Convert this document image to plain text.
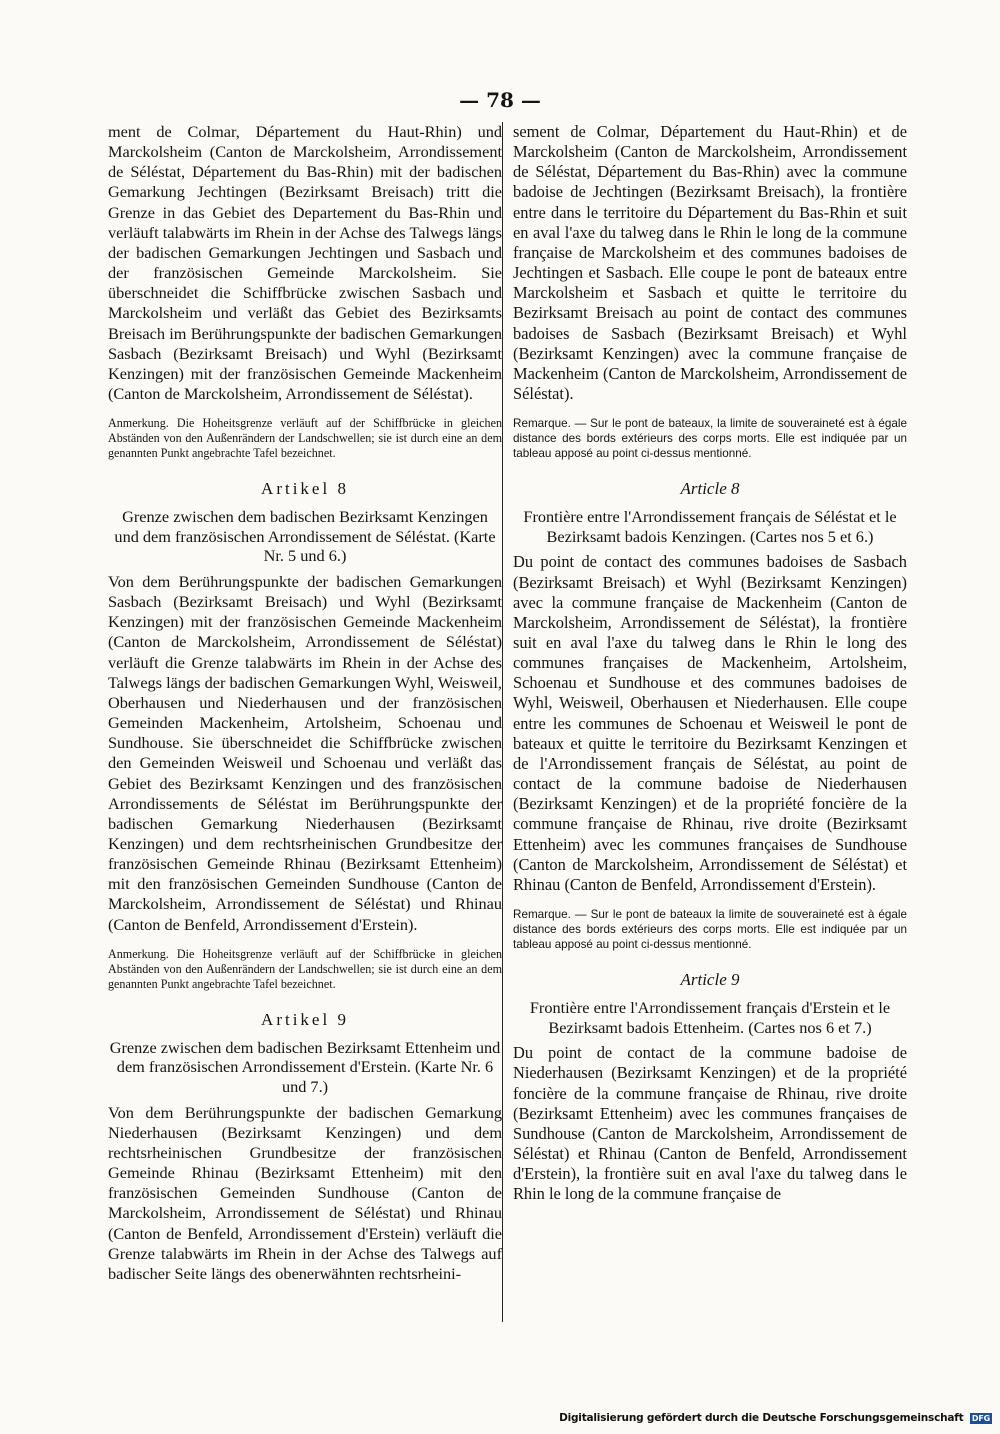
— 78 —

ment de Colmar, Département du Haut-Rhin) und Marckolsheim (Canton de Marckolsheim, Arrondissement de Séléstat, Département du Bas-Rhin) mit der badischen Gemarkung Jechtingen (Bezirksamt Breisach) tritt die Grenze in das Gebiet des Departement du Bas-Rhin und verläuft talabwärts im Rhein in der Achse des Talwegs längs der badischen Gemarkungen Jechtingen und Sasbach und der französischen Gemeinde Marckolsheim. Sie überschneidet die Schiffbrücke zwischen Sasbach und Marckolsheim und verläßt das Gebiet des Bezirksamts Breisach im Berührungspunkte der badischen Gemarkungen Sasbach (Bezirksamt Breisach) und Wyhl (Bezirksamt Kenzingen) mit der französischen Gemeinde Mackenheim (Canton de Marckolsheim, Arrondissement de Séléstat).

Anmerkung. Die Hoheitsgrenze verläuft auf der Schiffbrücke in gleichen Abständen von den Außenrändern der Landschwellen; sie ist durch eine an dem genannten Punkt angebrachte Tafel bezeichnet.

Artikel 8

Grenze zwischen dem badischen Bezirksamt Kenzingen und dem französischen Arrondissement de Séléstat. (Karte Nr. 5 und 6.)

Von dem Berührungspunkte der badischen Gemarkungen Sasbach (Bezirksamt Breisach) und Wyhl (Bezirksamt Kenzingen) mit der französischen Gemeinde Mackenheim (Canton de Marckolsheim, Arrondissement de Séléstat) verläuft die Grenze talabwärts im Rhein in der Achse des Talwegs längs der badischen Gemarkungen Wyhl, Weisweil, Oberhausen und Niederhausen und der französischen Gemeinden Mackenheim, Artolsheim, Schoenau und Sundhouse. Sie überschneidet die Schiffbrücke zwischen den Gemeinden Weisweil und Schoenau und verläßt das Gebiet des Bezirksamt Kenzingen und des französischen Arrondissements de Séléstat im Berührungspunkte der badischen Gemarkung Niederhausen (Bezirksamt Kenzingen) und dem rechtsrheinischen Grundbesitze der französischen Gemeinde Rhinau (Bezirksamt Ettenheim) mit den französischen Gemeinden Sundhouse (Canton de Marckolsheim, Arrondissement de Séléstat) und Rhinau (Canton de Benfeld, Arrondissement d'Erstein).

Anmerkung. Die Hoheitsgrenze verläuft auf der Schiffbrücke in gleichen Abständen von den Außenrändern der Landschwellen; sie ist durch eine an dem genannten Punkt angebrachte Tafel bezeichnet.

Artikel 9

Grenze zwischen dem badischen Bezirksamt Ettenheim und dem französischen Arrondissement d'Erstein. (Karte Nr. 6 und 7.)

Von dem Berührungspunkte der badischen Gemarkung Niederhausen (Bezirksamt Kenzingen) und dem rechtsrheinischen Grundbesitze der französischen Gemeinde Rhinau (Bezirksamt Ettenheim) mit den französischen Gemeinden Sundhouse (Canton de Marckolsheim, Arrondissement de Séléstat) und Rhinau (Canton de Benfeld, Arrondissement d'Erstein) verläuft die Grenze talabwärts im Rhein in der Achse des Talwegs auf badischer Seite längs des obenerwähnten rechtsrheini-

sement de Colmar, Département du Haut-Rhin) et de Marckolsheim (Canton de Marckolsheim, Arrondissement de Séléstat, Département du Bas-Rhin) avec la commune badoise de Jechtingen (Bezirksamt Breisach), la frontière entre dans le territoire du Département du Bas-Rhin et suit en aval l'axe du talweg dans le Rhin le long de la commune française de Marckolsheim et des communes badoises de Jechtingen et Sasbach. Elle coupe le pont de bateaux entre Marckolsheim et Sasbach et quitte le territoire du Bezirksamt Breisach au point de contact des communes badoises de Sasbach (Bezirksamt Breisach) et Wyhl (Bezirksamt Kenzingen) avec la commune française de Mackenheim (Canton de Marckolsheim, Arrondissement de Séléstat).

Remarque. — Sur le pont de bateaux, la limite de souveraineté est à égale distance des bords extérieurs des corps morts. Elle est indiquée par un tableau apposé au point ci-dessus mentionné.

Article 8

Frontière entre l'Arrondissement français de Séléstat et le Bezirksamt badois Kenzingen. (Cartes nos 5 et 6.)

Du point de contact des communes badoises de Sasbach (Bezirksamt Breisach) et Wyhl (Bezirksamt Kenzingen) avec la commune française de Mackenheim (Canton de Marckolsheim, Arrondissement de Séléstat), la frontière suit en aval l'axe du talweg dans le Rhin le long des communes françaises de Mackenheim, Artolsheim, Schoenau et Sundhouse et des communes badoises de Wyhl, Weisweil, Oberhausen et Niederhausen. Elle coupe entre les communes de Schoenau et Weisweil le pont de bateaux et quitte le territoire du Bezirksamt Kenzingen et de l'Arrondissement français de Séléstat, au point de contact de la commune badoise de Niederhausen (Bezirksamt Kenzingen) et de la propriété foncière de la commune française de Rhinau, rive droite (Bezirksamt Ettenheim) avec les communes françaises de Sundhouse (Canton de Marckolsheim, Arrondissement de Séléstat) et Rhinau (Canton de Benfeld, Arrondissement d'Erstein).

Remarque. — Sur le pont de bateaux la limite de souveraineté est à égale distance des bords extérieurs des corps morts. Elle est indiquée par un tableau apposé au point ci-dessus mentionné.

Article 9

Frontière entre l'Arrondissement français d'Erstein et le Bezirksamt badois Ettenheim. (Cartes nos 6 et 7.)

Du point de contact de la commune badoise de Niederhausen (Bezirksamt Kenzingen) et de la propriété foncière de la commune française de Rhinau, rive droite (Bezirksamt Ettenheim) avec les communes françaises de Sundhouse (Canton de Marckolsheim, Arrondissement de Séléstat) et Rhinau (Canton de Benfeld, Arrondissement d'Erstein), la frontière suit en aval l'axe du talweg dans le Rhin le long de la commune française de

Digitalisierung gefördert durch die Deutsche Forschungsgemeinschaft DFG
